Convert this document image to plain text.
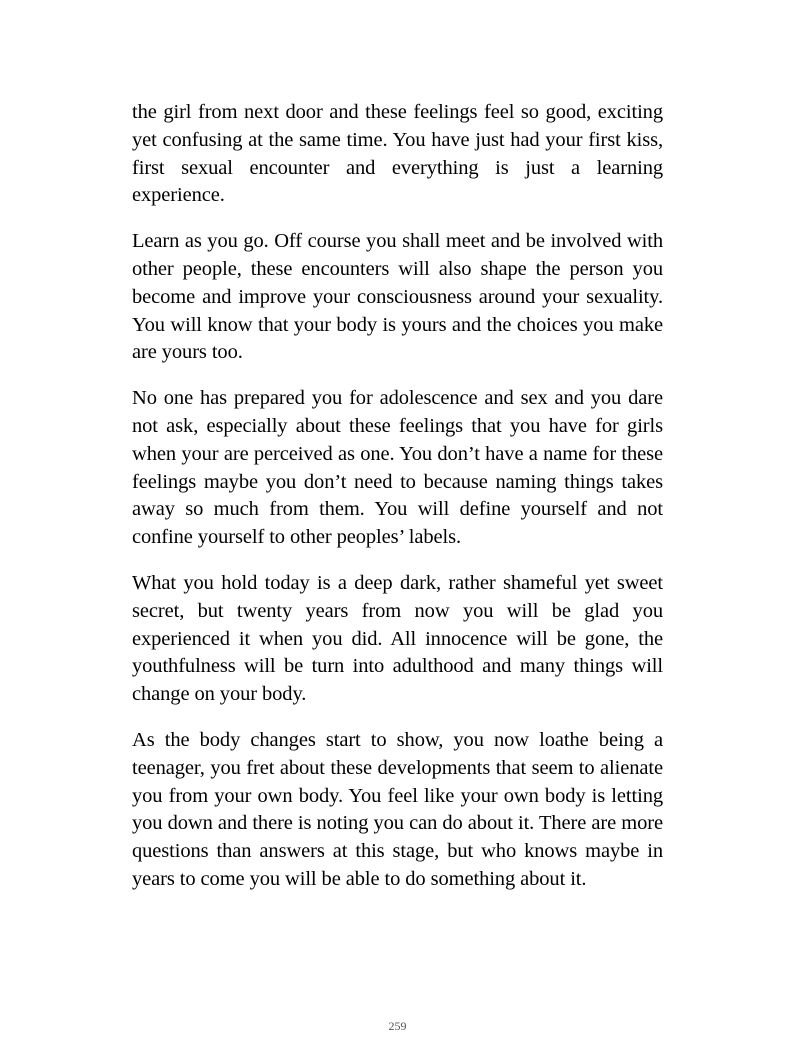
the girl from next door and these feelings feel so good, exciting yet confusing at the same time. You have just had your first kiss, first sexual encounter and everything is just a learning experience.

Learn as you go. Off course you shall meet and be involved with other people, these encounters will also shape the person you become and improve your consciousness around your sexuality. You will know that your body is yours and the choices you make are yours too.

No one has prepared you for adolescence and sex and you dare not ask, especially about these feelings that you have for girls when your are perceived as one. You don’t have a name for these feelings maybe you don’t need to because naming things takes away so much from them. You will define yourself and not confine yourself to other peoples’ labels.

What you hold today is a deep dark, rather shameful yet sweet secret, but twenty years from now you will be glad you experienced it when you did. All innocence will be gone, the youthfulness will be turn into adulthood and many things will change on your body.

As the body changes start to show, you now loathe being a teenager, you fret about these developments that seem to alienate you from your own body. You feel like your own body is letting you down and there is noting you can do about it. There are more questions than answers at this stage, but who knows maybe in years to come you will be able to do something about it.

259
